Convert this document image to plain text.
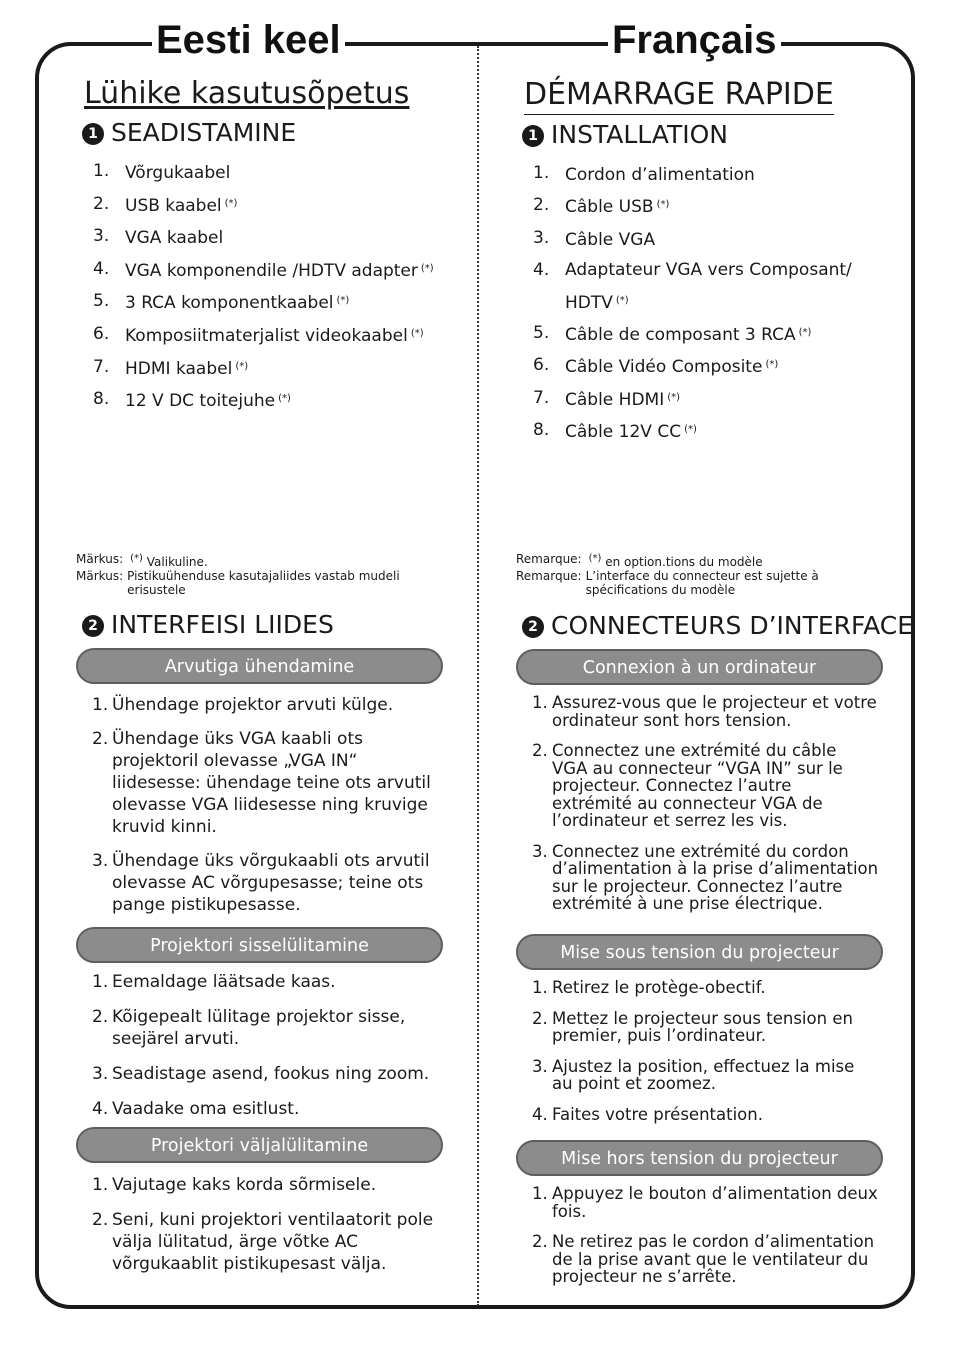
Eesti keel	Français
Lühike kasutusõpetus
1 SEADISTAMINE
1. Võrgukaabel
2. USB kaabel (*)
3. VGA kaabel
4. VGA komponendile /HDTV adapter (*)
5. 3 RCA komponentkaabel (*)
6. Komposiitmaterjalist videokaabel (*)
7. HDMI kaabel (*)
8. 12 V DC toitejuhe (*)
Märkus: (*) Valikuline.
Märkus: Pistikuühenduse kasutajaliides vastab mudeli erisustele
2 INTERFEISI LIIDES
Arvutiga ühendamine
1. Ühendage projektor arvuti külge.
2. Ühendage üks VGA kaabli ots projektoril olevasse „VGA IN“ liidesesse: ühendage teine ots arvutil olevasse VGA liidesesse ning kruvige kruvid kinni.
3. Ühendage üks võrgukaabli ots arvutil olevasse AC võrgupesasse; teine ots pange pistikupesasse.
Projektori sisselülitamine
1. Eemaldage läätsade kaas.
2. Kõigepealt lülitage projektor sisse, seejärel arvuti.
3. Seadistage asend, fookus ning zoom.
4. Vaadake oma esitlust.
Projektori väljalülitamine
1. Vajutage kaks korda sõrmisele.
2. Seni, kuni projektori ventilaatorit pole välja lülitatud, ärge võtke AC võrgukaablit pistikupesast välja.
DÉMARRAGE RAPIDE
1 INSTALLATION
1. Cordon d’alimentation
2. Câble USB (*)
3. Câble VGA
4. Adaptateur VGA vers Composant/ HDTV (*)
5. Câble de composant 3 RCA (*)
6. Câble Vidéo Composite (*)
7. Câble HDMI (*)
8. Câble 12V CC (*)
Remarque: (*) en option.tions du modèle
Remarque: L’interface du connecteur est sujette à spécifications du modèle
2 CONNECTEURS D’INTERFACE
Connexion à un ordinateur
1. Assurez-vous que le projecteur et votre ordinateur sont hors tension.
2. Connectez une extrémité du câble VGA au connecteur “VGA IN” sur le projecteur. Connectez l’autre extrémité au connecteur VGA de l’ordinateur et serrez les vis.
3. Connectez une extrémité du cordon d’alimentation à la prise d’alimentation sur le projecteur. Connectez l’autre extrémité à une prise électrique.
Mise sous tension du projecteur
1. Retirez le protège-obectif.
2. Mettez le projecteur sous tension en premier, puis l’ordinateur.
3. Ajustez la position, effectuez la mise au point et zoomez.
4. Faites votre présentation.
Mise hors tension du projecteur
1. Appuyez le bouton d’alimentation deux fois.
2. Ne retirez pas le cordon d’alimentation de la prise avant que le ventilateur du projecteur ne s’arrête.
